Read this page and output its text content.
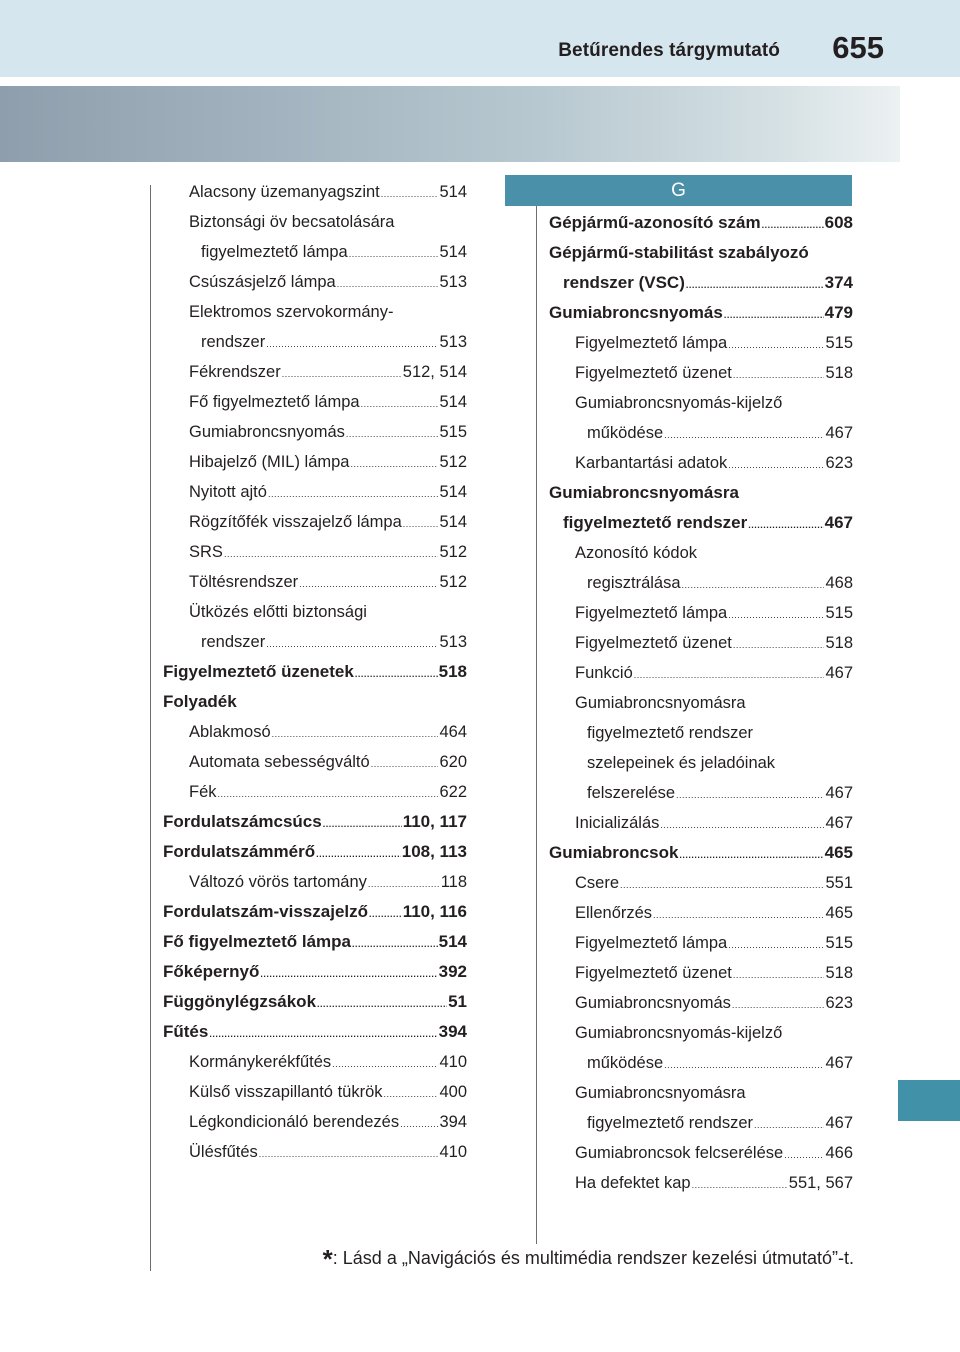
Betűrendes tárgymutató 655
G
Alacsony üzemanyagszint .....	514
Biztonsági öv becsatolására
figyelmeztető lámpa .....	514
Csúszásjelző lámpa .....	513
Elektromos szervokormány-
rendszer .....	513
Fékrendszer .....	512, 514
Fő figyelmeztető lámpa .....	514
Gumiabroncsnyomás .....	515
Hibajelző (MIL) lámpa .....	512
Nyitott ajtó .....	514
Rögzítőfék visszajelző lámpa ..... 514
SRS .....	512
Töltésrendszer .....	512
Ütközés előtti biztonsági
rendszer .....	513
Figyelmeztető üzenetek .....	518
Folyadék
Ablakmosó .....	464
Automata sebességváltó .....	620
Fék .....	622
Fordulatszámcsúcs .....	110, 117
Fordulatszámmérő .....	108, 113
Változó vörös tartomány .....	118
Fordulatszám-visszajelző ..... 110, 116
Fő figyelmeztető lámpa .....	514
Főképernyő .....	392
Függönylégzsákok .....	51
Fűtés .....	394
Kormánykerékfűtés .....	410
Külső visszapillantó tükrök .....	400
Légkondicionáló berendezés ..... 394
Ülésfűtés .....	410
Gépjármű-azonosító szám .....	608
Gépjármű-stabilitást szabályozó
rendszer (VSC) .....	374
Gumiabroncsnyomás .....	479
Figyelmeztető lámpa .....	515
Figyelmeztető üzenet .....	518
Gumiabroncsnyomás-kijelző
működése .....	467
Karbantartási adatok .....	623
Gumiabroncsnyomásra
figyelmeztető rendszer .....	467
Azonosító kódok
regisztrálása .....	468
Figyelmeztető lámpa .....	515
Figyelmeztető üzenet .....	518
Funkció .....	467
Gumiabroncsnyomásra
figyelmeztető rendszer
szelepeinek és jeladóinak
felszerelése .....	467
Inicializálás .....	467
Gumiabroncsok .....	465
Csere .....	551
Ellenőrzés .....	465
Figyelmeztető lámpa .....	515
Figyelmeztető üzenet .....	518
Gumiabroncsnyomás .....	623
Gumiabroncsnyomás-kijelző
működése .....	467
Gumiabroncsnyomásra
figyelmeztető rendszer .....	467
Gumiabroncsok felcserélése .....	466
Ha defektet kap .....	551, 567
*: Lásd a „Navigációs és multimédia rendszer kezelési útmutató”-t.
